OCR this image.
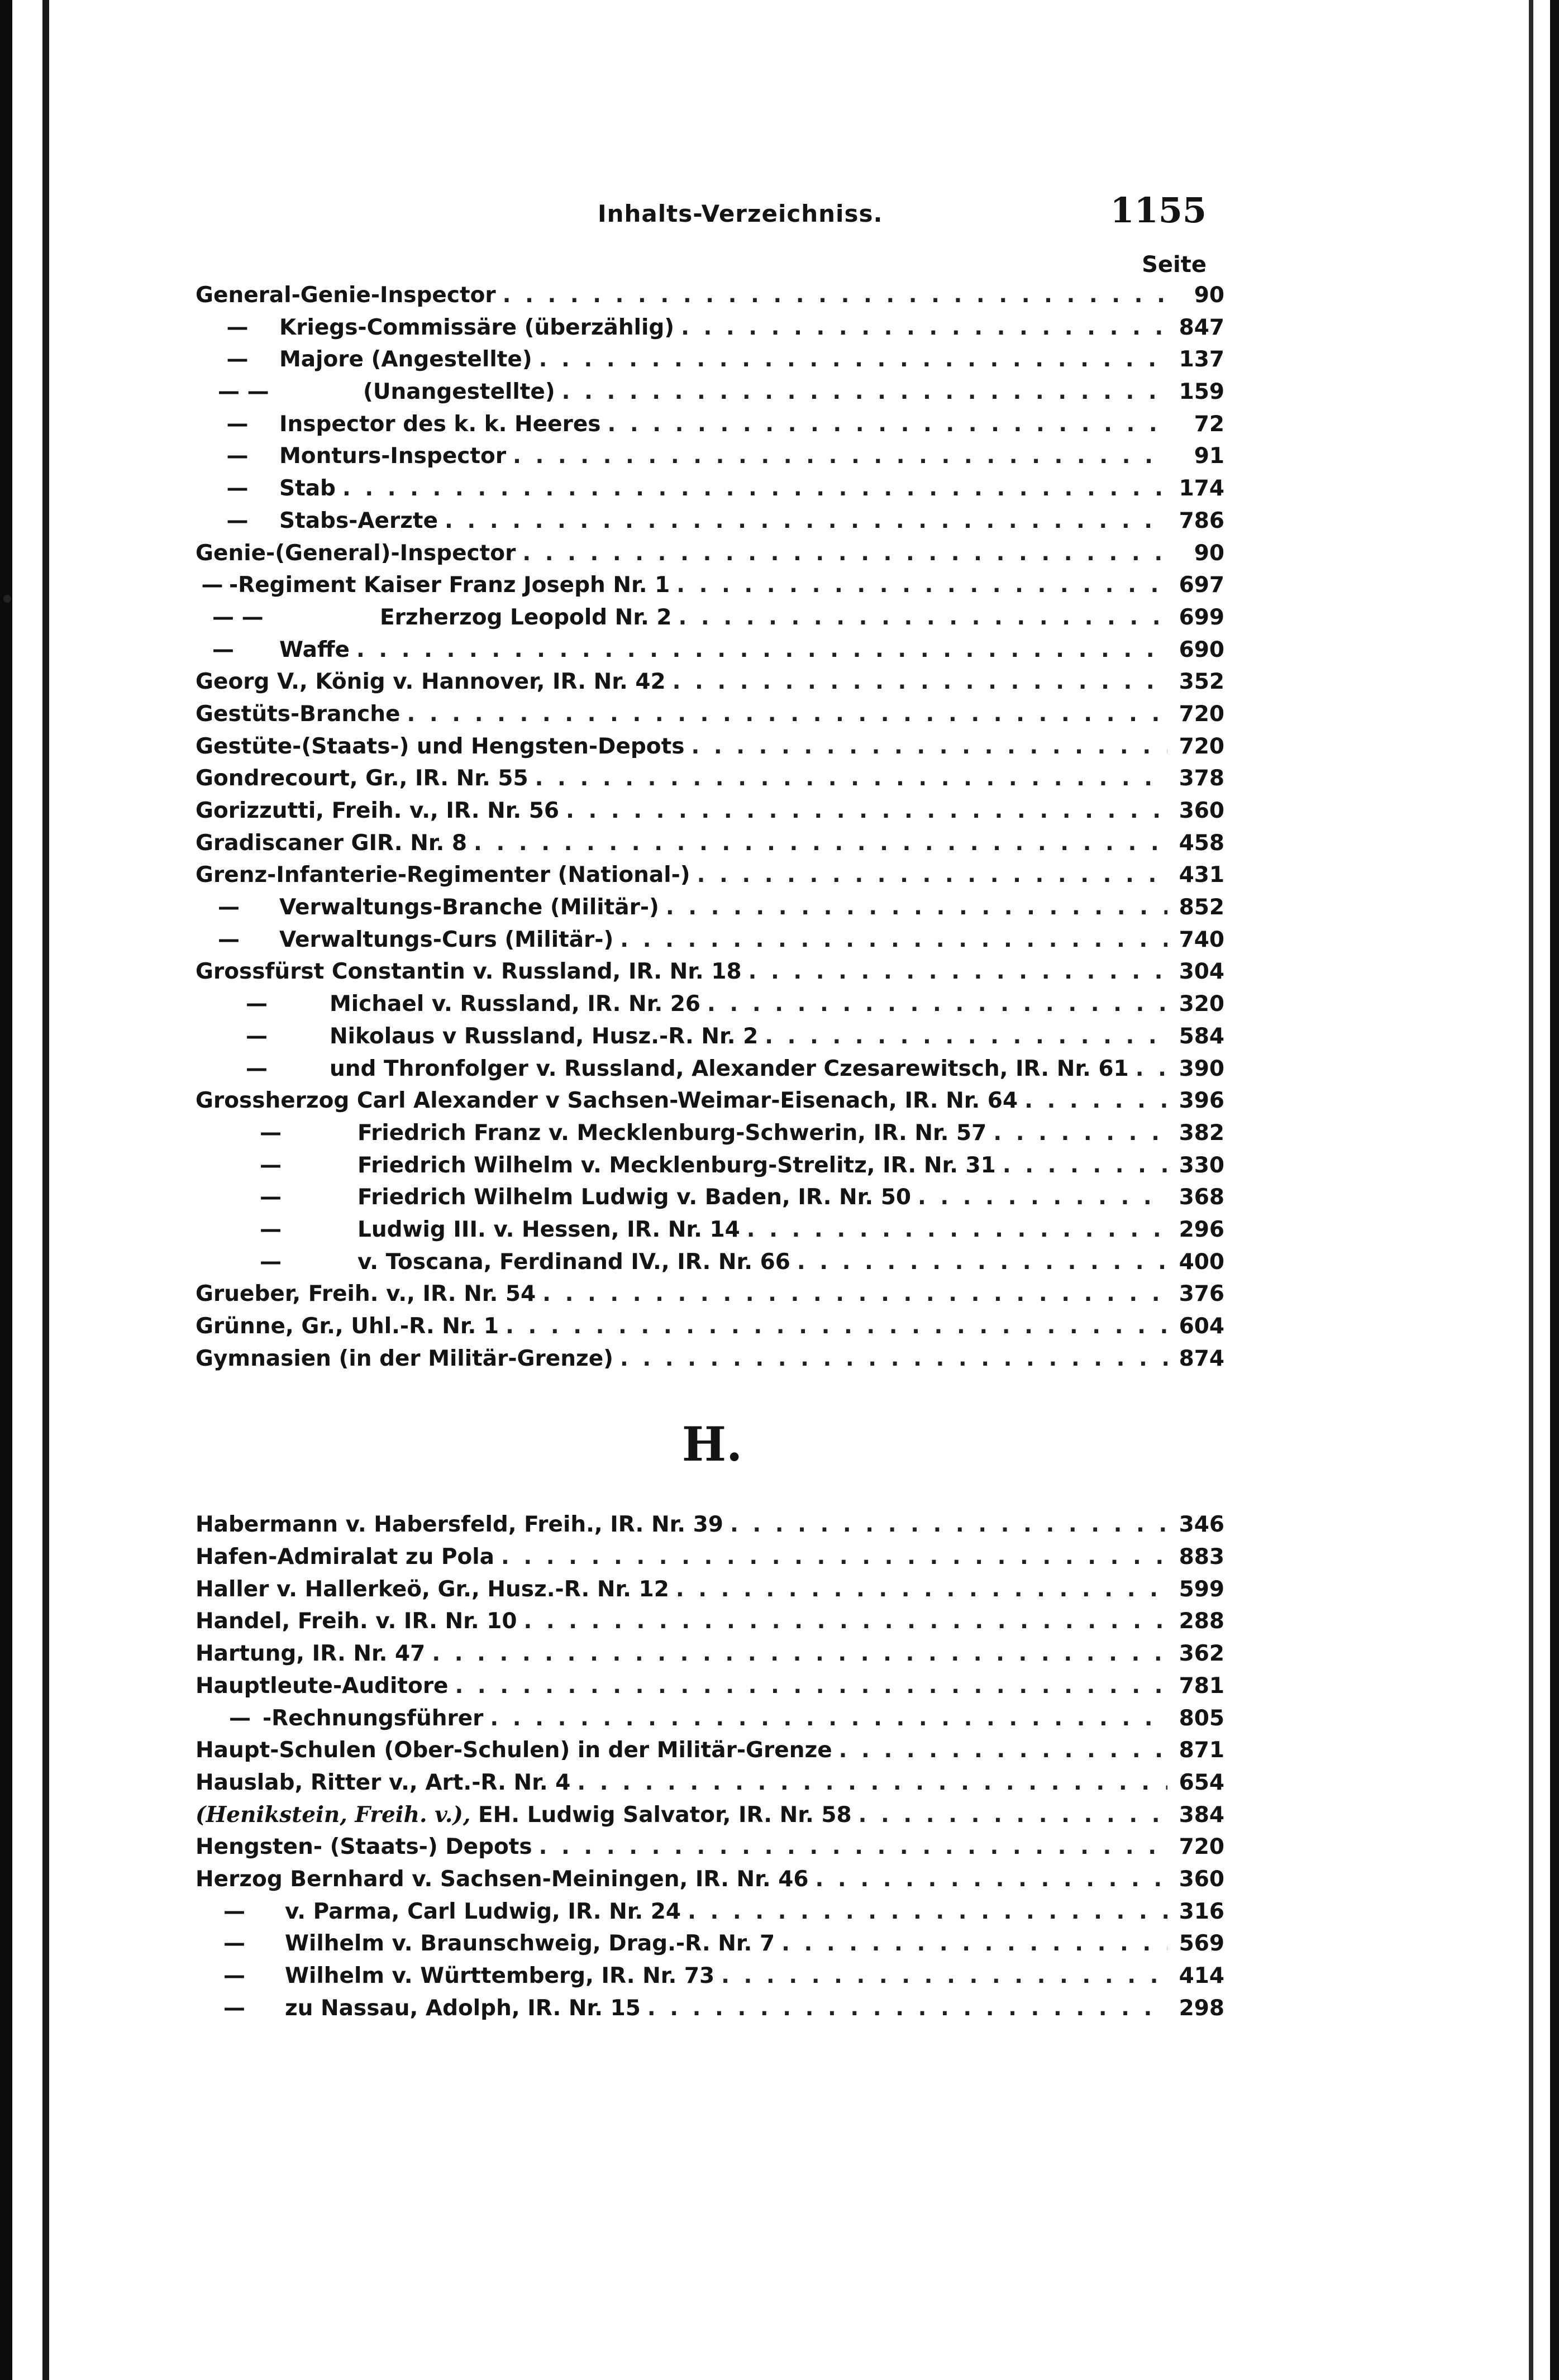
Inhalts-Verzeichniss.	1155
Seite
General-Genie-Inspector . . .	90
—	Kriegs-Commissäre (überzählig) . . .	847
—	Majore (Angestellte) . . .	137
— —	(Unangestellte) . . .	159
—	Inspector des k. k. Heeres . . .	72
—	Monturs-Inspector . . .	91
—	Stab . . .	174
—	Stabs-Aerzte . . .	786
Genie-(General)-Inspector . . .	90
— -Regiment Kaiser Franz Joseph Nr. 1 . . .	697
— —	Erzherzog Leopold Nr. 2 . . .	699
—	Waffe . . .	690
Georg V., König v. Hannover, IR. Nr. 42 . . .	352
Gestüts-Branche . . .	720
Gestüte-(Staats-) und Hengsten-Depots . . .	720
Gondrecourt, Gr., IR. Nr. 55 . . .	378
Gorizzutti, Freih. v., IR. Nr. 56 . . .	360
Gradiscaner GIR. Nr. 8 . . .	458
Grenz-Infanterie-Regimenter (National-) . . .	431
—	Verwaltungs-Branche (Militär-) . . .	852
—	Verwaltungs-Curs (Militär-) . . .	740
Grossfürst Constantin v. Russland, IR. Nr. 18 . . .	304
—	Michael v. Russland, IR. Nr. 26 . . .	320
—	Nikolaus v Russland, Husz.-R. Nr. 2 . . .	584
—	und Thronfolger v. Russland, Alexander Czesarewitsch, IR. Nr. 61 . . . 390
Grossherzog Carl Alexander v Sachsen-Weimar-Eisenach, IR. Nr. 64 . . .	396
—	Friedrich Franz v. Mecklenburg-Schwerin, IR. Nr. 57 . . .	382
—	Friedrich Wilhelm v. Mecklenburg-Strelitz, IR. Nr. 31 . . .	330
—	Friedrich Wilhelm Ludwig v. Baden, IR. Nr. 50 . . .	368
—	Ludwig III. v. Hessen, IR. Nr. 14 . . .	296
—	v. Toscana, Ferdinand IV., IR. Nr. 66 . . .	400
Grueber, Freih. v., IR. Nr. 54 . . .	376
Grünne, Gr., Uhl.-R. Nr. 1 . . .	604
Gymnasien (in der Militär-Grenze) . . .	874
H.
Habermann v. Habersfeld, Freih., IR. Nr. 39 . . .	346
Hafen-Admiralat zu Pola . . .	883
Haller v. Hallerkeö, Gr., Husz.-R. Nr. 12 . . .	599
Handel, Freih. v. IR. Nr. 10 . . .	288
Hartung, IR. Nr. 47 . . .	362
Hauptleute-Auditore . . .	781
— -Rechnungsführer . . .	805
Haupt-Schulen (Ober-Schulen) in der Militär-Grenze . . .	871
Hauslab, Ritter v., Art.-R. Nr. 4 . . .	654
(Henikstein, Freih. v.), EH. Ludwig Salvator, IR. Nr. 58 . . .	384
Hengsten- (Staats-) Depots . . .	720
Herzog Bernhard v. Sachsen-Meiningen, IR. Nr. 46 . . .	360
—	v. Parma, Carl Ludwig, IR. Nr. 24 . . .	316
—	Wilhelm v. Braunschweig, Drag.-R. Nr. 7 . . .	569
—	Wilhelm v. Württemberg, IR. Nr. 73 . . .	414
—	zu Nassau, Adolph, IR. Nr. 15 . . .	298
